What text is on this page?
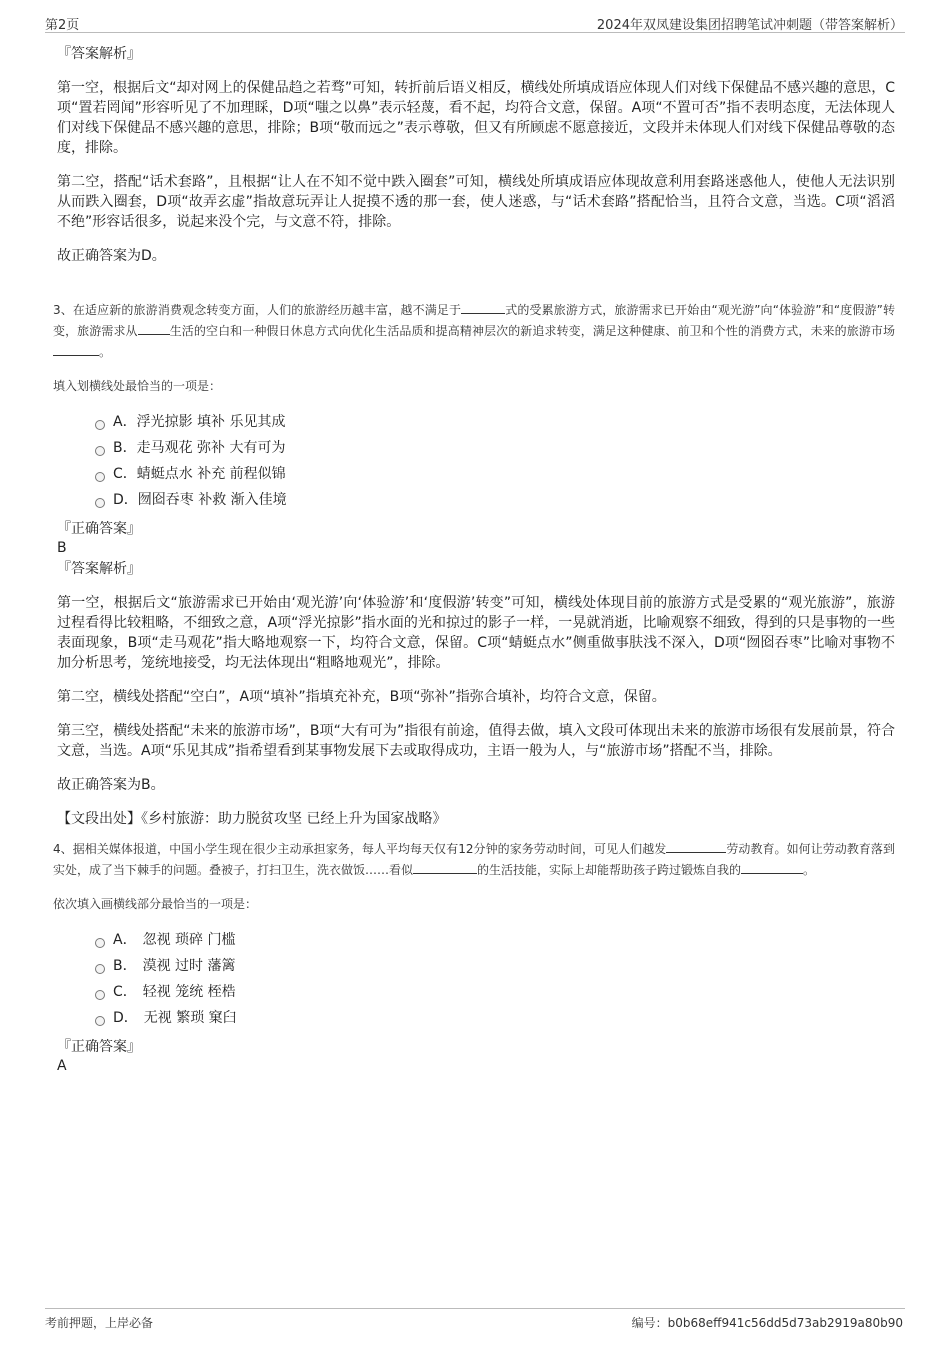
第2页	2024年双凤建设集团招聘笔试冲刺题（带答案解析）

『答案解析』

第一空，根据后文“却对网上的保健品趋之若骛”可知，转折前后语义相反，横线处所填成语应体现人们对线下保健品不感兴趣的意思，C项“置若罔闻”形容听见了不加理睬，D项“嗤之以鼻”表示轻蔑，看不起，均符合文意，保留。A项“不置可否”指不表明态度，无法体现人们对线下保健品不感兴趣的意思，排除；B项“敬而远之”表示尊敬，但又有所顾虑不愿意接近，文段并未体现人们对线下保健品尊敬的态度，排除。

第二空，搭配“话术套路”，且根据“让人在不知不觉中跌入圈套”可知，横线处所填成语应体现故意利用套路迷惑他人，使他人无法识别从而跌入圈套，D项“故弄玄虚”指故意玩弄让人捉摸不透的那一套，使人迷惑，与“话术套路”搭配恰当，且符合文意，当选。C项“滔滔不绝”形容话很多，说起来没个完，与文意不符，排除。

故正确答案为D。

3、在适应新的旅游消费观念转变方面，人们的旅游经历越丰富，越不满足于	式的受累旅游方式，旅游需求已开始由“观光游”向“体验游”和“度假游”转变，旅游需求从	生活的空白和一种假日休息方式向优化生活品质和提高精神层次的新追求转变，满足这种健康、前卫和个性的消费方式，未来的旅游市场。

填入划横线处最恰当的一项是：

A． 浮光掠影 填补 乐见其成
B． 走马观花 弥补 大有可为
C． 蜻蜓点水 补充 前程似锦
D． 囫囵吞枣 补救 渐入佳境

『正确答案』

B

『答案解析』

第一空，根据后文“旅游需求已开始由‘观光游’向‘体验游’和‘度假游’转变”可知，横线处体现目前的旅游方式是受累的“观光旅游”，旅游过程看得比较粗略，不细致之意，A项“浮光掠影”指水面的光和掠过的影子一样，一晃就消逝，比喻观察不细致，得到的只是事物的一些表面现象，B项“走马观花”指大略地观察一下，均符合文意，保留。C项“蜻蜓点水”侧重做事肤浅不深入，D项“囫囵吞枣”比喻对事物不加分析思考，笼统地接受，均无法体现出“粗略地观光”，排除。

第二空，横线处搭配“空白”，A项“填补”指填充补充，B项“弥补”指弥合填补，均符合文意，保留。

第三空，横线处搭配“未来的旅游市场”，B项“大有可为”指很有前途，值得去做，填入文段可体现出未来的旅游市场很有发展前景，符合文意，当选。A项“乐见其成”指希望看到某事物发展下去或取得成功，主语一般为人，与“旅游市场”搭配不当，排除。

故正确答案为B。

【文段出处】《乡村旅游：助力脱贫攻坚 已经上升为国家战略》

4、据相关媒体报道，中国小学生现在很少主动承担家务，每人平均每天仅有12分钟的家务劳动时间，可见人们越发	劳动教育。如何让劳动教育落到实处，成了当下棘手的问题。叠被子，打扫卫生，洗衣做饭……看似	的生活技能，实际上却能帮助孩子跨过锻炼自我的	。

依次填入画横线部分最恰当的一项是：

A． 忽视 琐碎 门槛
B． 漠视 过时 藩篱
C． 轻视 笼统 桎梏
D． 无视 繁琐 窠臼

『正确答案』

A

考前押题，上岸必备	编号：b0b68eff941c56dd5d73ab2919a80b90
